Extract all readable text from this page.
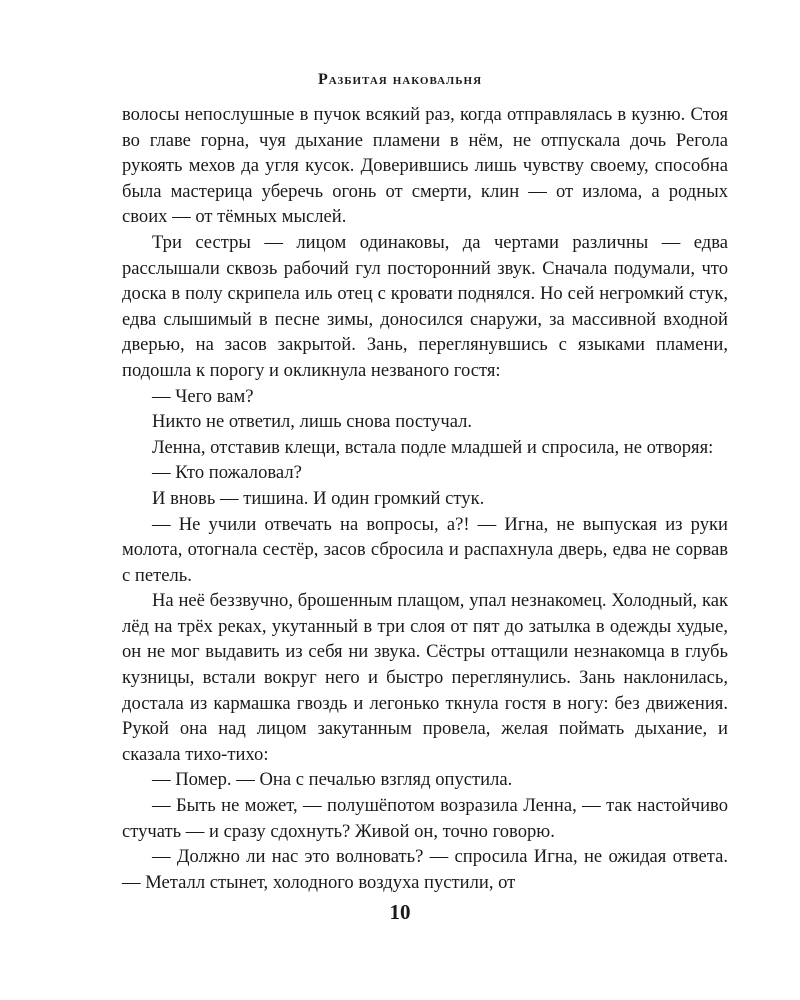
Разбитая наковальня

волосы непослушные в пучок всякий раз, когда отправлялась в кузню. Стоя во главе горна, чуя дыхание пламени в нём, не отпускала дочь Регола рукоять мехов да угля кусок. Доверившись лишь чувству своему, способна была мастерица уберечь огонь от смерти, клин — от излома, а родных своих — от тёмных мыслей.

Три сестры — лицом одинаковы, да чертами различны — едва расслышали сквозь рабочий гул посторонний звук. Сначала подумали, что доска в полу скрипела иль отец с кровати поднялся. Но сей негромкий стук, едва слышимый в песне зимы, доносился снаружи, за массивной входной дверью, на засов закрытой. Зань, переглянувшись с языками пламени, подошла к порогу и окликнула незваного гостя:

— Чего вам?

Никто не ответил, лишь снова постучал.

Ленна, отставив клещи, встала подле младшей и спросила, не отворяя:

— Кто пожаловал?

И вновь — тишина. И один громкий стук.

— Не учили отвечать на вопросы, а?! — Игна, не выпуская из руки молота, отогнала сестёр, засов сбросила и распахнула дверь, едва не сорвав с петель.

На неё беззвучно, брошенным плащом, упал незнакомец. Холодный, как лёд на трёх реках, укутанный в три слоя от пят до затылка в одежды худые, он не мог выдавить из себя ни звука. Сёстры оттащили незнакомца в глубь кузницы, встали вокруг него и быстро переглянулись. Зань наклонилась, достала из кармашка гвоздь и легонько ткнула гостя в ногу: без движения. Рукой она над лицом закутанным провела, желая поймать дыхание, и сказала тихо-тихо:

— Помер. — Она с печалью взгляд опустила.

— Быть не может, — полушёпотом возразила Ленна, — так настойчиво стучать — и сразу сдохнуть? Живой он, точно говорю.

— Должно ли нас это волновать? — спросила Игна, не ожидая ответа. — Металл стынет, холодного воздуха пустили, от

10
